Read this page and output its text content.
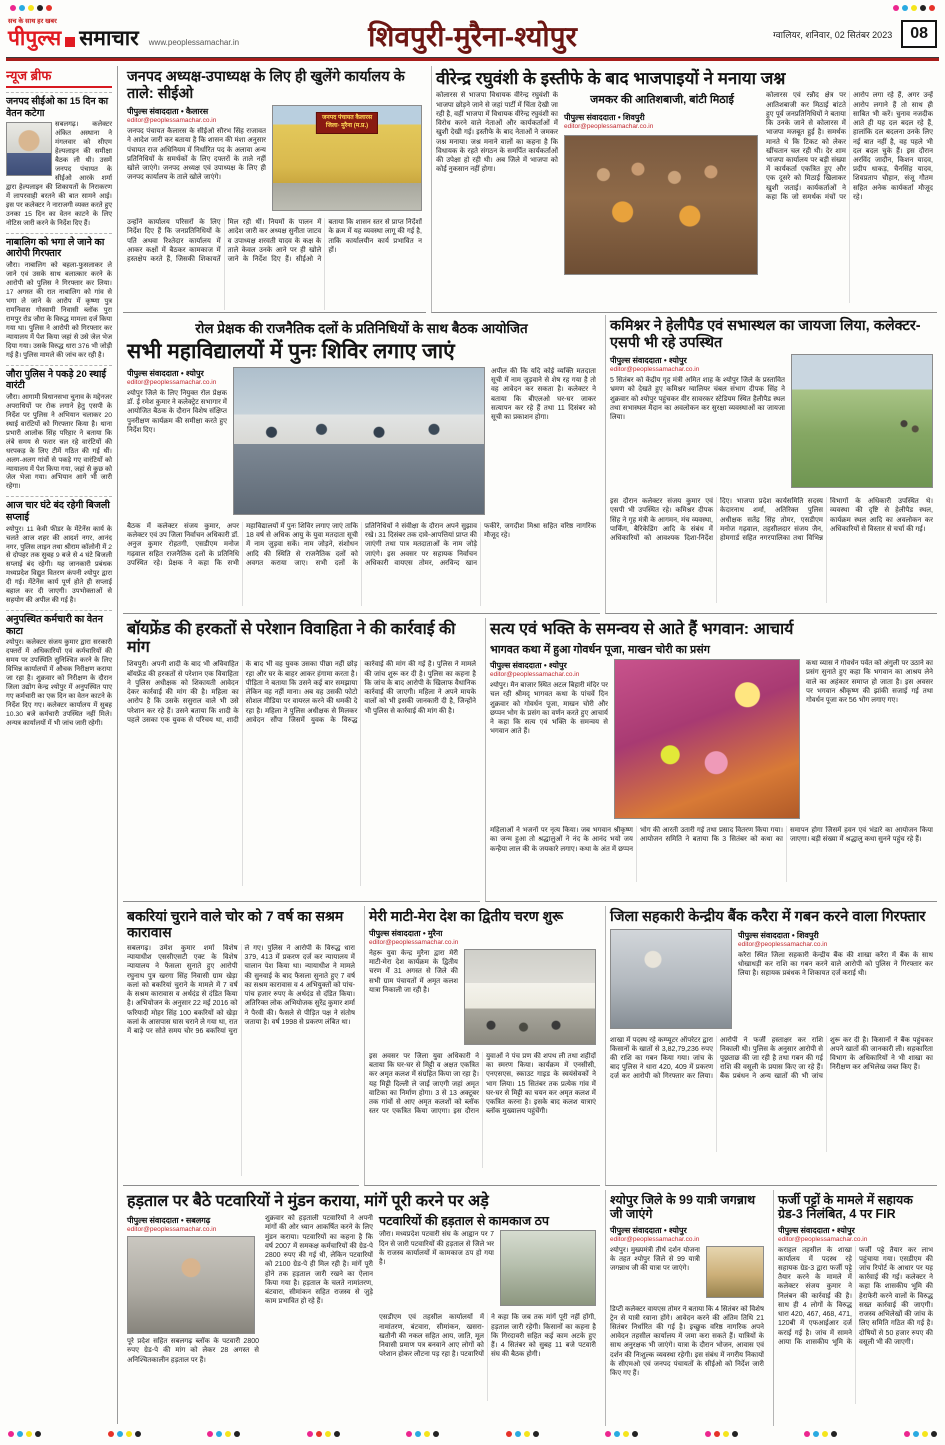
सच के साथ हर खबर
पीपुल्स समाचार www.peoplessamachar.in	शिवपुरी-मुरैना-श्योपुर	ग्वालियर, शनिवार, 02 सितंबर 2023	08
न्यूज ब्रीफ
जनपद सीईओ का 15 दिन का वेतन कटेगा
सबलगढ़। कलेक्टर अंकित अस्थाना ने मंगलवार को सीएम हेल्पलाइन की समीक्षा बैठक ली थी। उसमें जनपद पंचायत के सीईओ आरके शर्मा द्वारा हेल्पलाइन की शिकायतों के निराकरण में लापरवाही बरतने की बात सामने आई। इस पर कलेक्टर ने नाराजगी व्यक्त करते हुए उनका 15 दिन का वेतन काटने के लिए नोटिस जारी करने के निर्देश दिए हैं।
नाबालिग को भगा ले जाने का आरोपी गिरफ्तार
जौरा। नाबालिग को बहला-फुसलाकर ले जाने एवं उसके साथ बलात्कार करने के आरोपी को पुलिस ने गिरफ्तार कर लिया। 17 अगस्त की रात नाबालिग को गांव से भगा ले जाने के आरोप में कृष्णा पुत्र रामनिवास गोस्वामी निवासी ब्लॉक पुरा रामपुर रोड जौरा के विरुद्ध मामला दर्ज किया गया था। पुलिस ने आरोपी को गिरफ्तार कर न्यायालय में पेश किया जहां से उसे जेल भेज दिया गया। उसके विरुद्ध धारा 376 भी जोड़ी गई है। पुलिस मामले की जांच कर रही है।
जौरा पुलिस ने पकड़े 20 स्थाई वारंटी
जौरा। आगामी विधानसभा चुनाव के मद्देनजर अपराधियों पर रोक लगाने हेतु एसपी के निर्देश पर पुलिस ने अभियान चलाकर 20 स्थाई वारंटियों को गिरफ्तार किया है। थाना प्रभारी आलोक सिंह परिहार ने बताया कि लंबे समय से फरार चल रहे वारंटियों की धरपकड़ के लिए टीमें गठित की गई थीं। अलग-अलग गांवों से पकड़े गए वारंटियों को न्यायालय में पेश किया गया, जहां से कुछ को जेल भेजा गया। अभियान आगे भी जारी रहेगा।
आज चार घंटे बंद रहेगी बिजली सप्लाई
श्योपुर। 11 केवी फीडर के मेंटेनेंस कार्य के चलते आज शहर की आदर्श नगर, आनंद नगर, पुलिस लाइन तथा श्रीराम कॉलोनी में 2 से दोपहर तक सुबह 9 बजे से 4 घंटे बिजली सप्लाई बंद रहेगी। यह जानकारी प्रबंधक मध्यप्रदेश विद्युत वितरण कंपनी श्योपुर द्वारा दी गई। मेंटेनेंस कार्य पूर्ण होते ही सप्लाई बहाल कर दी जाएगी। उपभोक्ताओं से सहयोग की अपील की गई है।
अनुपस्थित कर्मचारी का वेतन काटा
श्योपुर। कलेक्टर संजय कुमार द्वारा सरकारी दफ्तरों में अधिकारियों एवं कर्मचारियों की समय पर उपस्थिति सुनिश्चित करने के लिए विभिन्न कार्यालयों में औचक निरीक्षण कराया जा रहा है। शुक्रवार को निरीक्षण के दौरान जिला उद्योग केन्द्र श्योपुर में अनुपस्थित पाए गए कर्मचारी का एक दिन का वेतन काटने के निर्देश दिए गए। कलेक्टर कार्यालय में सुबह 10.30 बजे कर्मचारी उपस्थित नहीं मिले। अन्यत्र कार्यालयों में भी जांच जारी रहेगी।
जनपद अध्यक्ष-उपाध्यक्ष के लिए ही खुलेंगे कार्यालय के ताले: सीईओ
पीपुल्स संवाददाता • कैलारस
editor@peoplessamachar.co.in
जनपद पंचायत कैलारस के सीईओ सौरभ सिंह राजावत ने आदेश जारी कर बताया है कि शासन की मंशा अनुसार पंचायत राज अधिनियम में निर्धारित पद के अलावा अन्य प्रतिनिधियों के समर्थकों के लिए दफ्तरों के ताले नहीं खोले जाएंगे। जनपद अध्यक्ष एवं उपाध्यक्ष के लिए ही जनपद कार्यालय के ताले खोले जाएंगे।
जनपद पंचायत कैलारस
जिला- मुरैना (म.प्र.)
उन्होंने कार्यालय परिसरों के लिए निर्देश दिए हैं कि जनप्रतिनिधियों के पति अथवा रिश्तेदार कार्यालय में आकर कक्षों में बैठकर कामकाज में हस्तक्षेप करते हैं, जिसकी शिकायतें मिल रही थीं। नियमों के पालन में आदेश जारी कर अध्यक्ष सुनीता जाटव व उपाध्यक्ष शरवती यादव के कक्ष के ताले केवल उनके आने पर ही खोले जाने के निर्देश दिए हैं। सीईओ ने बताया कि शासन स्तर से प्राप्त निर्देशों के क्रम में यह व्यवस्था लागू की गई है, ताकि कार्यालयीन कार्य प्रभावित न हों।
वीरेन्द्र रघुवंशी के इस्तीफे के बाद भाजपाइयों ने मनाया जश्न
कोलारस से भाजपा विधायक वीरेन्द्र रघुवंशी के भाजपा छोड़ने जाने से जहां पार्टी में चिंता देखी जा रही है, वहीं भाजपा में विधायक वीरेन्द्र रघुवंशी का विरोध करने वाले नेताओं और कार्यकर्ताओं में खुशी देखी गई। इस्तीफे के बाद नेताओं ने जमकर जश्न मनाया। जश्न मनाने वालों का कहना है कि विधायक के रहते संगठन के समर्पित कार्यकर्ताओं की उपेक्षा हो रही थी। अब जिले में भाजपा को कोई नुकसान नहीं होगा।
जमकर की आतिशबाजी, बांटी मिठाई
पीपुल्स संवाददाता • शिवपुरी
editor@peoplessamachar.co.in
कोलारस एवं रन्नौद क्षेत्र पर आतिशबाजी कर मिठाई बांटते हुए पूर्व जनप्रतिनिधियों ने बताया कि उनके जाने से कोलारस में भाजपा मजबूत हुई है। समर्थक मानते थे कि टिकट को लेकर खींचतान चल रही थी। देर शाम भाजपा कार्यालय पर बड़ी संख्या में कार्यकर्ता एकत्रित हुए और एक दूसरे को मिठाई खिलाकर खुशी जताई। कार्यकर्ताओं ने कहा कि जो समर्थक मंचों पर आरोप लगा रहे हैं, अगर उन्हें आरोप लगाने हैं तो साथ ही साबित भी करें। चुनाव नजदीक आते ही यह दल बदल रहे हैं, हालांकि दल बदलना उनके लिए नई बात नहीं है, वह पहले भी दल बदल चुके हैं। इस दौरान अरविंद जादौन, किशन यादव, प्रदीप धाकड़, चैनसिंह यादव, शिवप्रताप चौहान, संजू गौतम सहित अनेक कार्यकर्ता मौजूद रहे।
रोल प्रेक्षक की राजनैतिक दलों के प्रतिनिधियों के साथ बैठक आयोजित
सभी महाविद्यालयों में पुनः शिविर लगाए जाएं
पीपुल्स संवाददाता • श्योपुर
editor@peoplessamachar.co.in
श्योपुर जिले के लिए नियुक्त रोल प्रेक्षक डॉ. ई रमेश कुमार ने कलेक्ट्रेट सभागार में आयोजित बैठक के दौरान विशेष संक्षिप्त पुनरीक्षण कार्यक्रम की समीक्षा करते हुए निर्देश दिए।
अपील की कि यदि कोई व्यक्ति मतदाता सूची में नाम जुड़वाने से शेष रह गया है तो वह आवेदन कर सकता है। कलेक्टर ने बताया कि बीएलओ घर-घर जाकर सत्यापन कर रहे हैं तथा 11 दिसंबर को सूची का प्रकाशन होगा।
बैठक में कलेक्टर संजय कुमार, अपर कलेक्टर एवं उप जिला निर्वाचन अधिकारी डॉ. अनुज कुमार रोहतगी, एसडीएम मनोज गढ़वाल सहित राजनैतिक दलों के प्रतिनिधि उपस्थित रहे। प्रेक्षक ने कहा कि सभी महाविद्यालयों में पुनः शिविर लगाए जाएं ताकि 18 वर्ष से अधिक आयु के युवा मतदाता सूची में नाम जुड़वा सकें। नाम जोड़ने, संशोधन आदि की स्थिति से राजनैतिक दलों को अवगत कराया जाए। सभी दलों के प्रतिनिधियों ने संवीक्षा के दौरान अपने सुझाव रखे। 31 दिसंबर तक दावे-आपत्तियां प्राप्त की जाएंगी तथा पात्र मतदाताओं के नाम जोड़े जाएंगे। इस अवसर पर सहायक निर्वाचन अधिकारी वायएस तोमर, अरविन्द खान फकीरे, जगदीश मिश्रा सहित वरिष्ठ नागरिक मौजूद रहे।
कमिश्नर ने हेलीपैड एवं सभास्थल का जायजा लिया, कलेक्टर-एसपी भी रहे उपस्थित
पीपुल्स संवाददाता • श्योपुर
editor@peoplessamachar.co.in
5 सितंबर को केंद्रीय गृह मंत्री अमित शाह के श्योपुर जिले के प्रस्तावित भ्रमण को देखते हुए कमिश्नर ग्वालियर चंबल संभाग दीपक सिंह ने शुक्रवार को श्योपुर पहुंचकर वीर सावरकर स्टेडियम स्थित हैलीपैड स्थल तथा सभास्थल मैदान का अवलोकन कर सुरक्षा व्यवस्थाओं का जायजा लिया।
इस दौरान कलेक्टर संजय कुमार एवं एसपी भी उपस्थित रहे। कमिश्नर दीपक सिंह ने गृह मंत्री के आगमन, मंच व्यवस्था, पार्किंग, बैरिकेडिंग आदि के संबंध में अधिकारियों को आवश्यक दिशा-निर्देश दिए। भाजपा प्रदेश कार्यसमिति सदस्य केदारनाथ शर्मा, अतिरिक्त पुलिस अधीक्षक सतेंद्र सिंह तोमर, एसडीएम मनोज गढ़वाल, तहसीलदार संजय जैन, होमगार्ड सहित नगरपालिका तथा विभिन्न विभागों के अधिकारी उपस्थित थे। व्यवस्था की दृष्टि से हेलीपैड स्थल, कार्यक्रम स्थल आदि का अवलोकन कर अधिकारियों से विस्तार से चर्चा की गई।
बॉयफ्रेंड की हरकतों से परेशान विवाहिता ने की कार्रवाई की मांग
शिवपुरी। अपनी शादी के बाद भी अविवाहित बॉयफ्रेंड की हरकतों से परेशान एक विवाहिता ने पुलिस अधीक्षक को शिकायती आवेदन देकर कार्रवाई की मांग की है। महिला का आरोप है कि उसके ससुराल वाले भी उसे परेशान कर रहे हैं। उसने बताया कि शादी के पहले उसका एक युवक से परिचय था, शादी के बाद भी वह युवक उसका पीछा नहीं छोड़ रहा और घर के बाहर आकर हंगामा करता है। पीड़िता ने बताया कि उसने कई बार समझाया लेकिन वह नहीं माना। अब वह उसकी फोटो सोशल मीडिया पर वायरल करने की धमकी दे रहा है। महिला ने पुलिस अधीक्षक से मिलकर आवेदन सौंपा जिसमें युवक के विरुद्ध कार्रवाई की मांग की गई है। पुलिस ने मामले की जांच शुरू कर दी है। पुलिस का कहना है कि जांच के बाद आरोपी के खिलाफ वैधानिक कार्रवाई की जाएगी। महिला ने अपने मायके वालों को भी इसकी जानकारी दी है, जिन्होंने भी पुलिस से कार्रवाई की मांग की है।
सत्य एवं भक्ति के समन्वय से आते हैं भगवान: आचार्य
भागवत कथा में हुआ गोवर्धन पूजा, माखन चोरी का प्रसंग
पीपुल्स संवाददाता • श्योपुर
editor@peoplessamachar.co.in
श्योपुर। मैन बाजार स्थित अटल बिहारी मंदिर पर चल रही श्रीमद् भागवत कथा के पांचवें दिन शुक्रवार को गोवर्धन पूजा, माखन चोरी और छप्पन भोग के प्रसंग का वर्णन करते हुए आचार्य ने कहा कि सत्य एवं भक्ति के समन्वय से भगवान आते हैं।
कथा व्यास ने गोवर्धन पर्वत को अंगुली पर उठाने का प्रसंग सुनाते हुए कहा कि भगवान का आश्रय लेने वाले का अहंकार समाप्त हो जाता है। इस अवसर पर भगवान श्रीकृष्ण की झांकी सजाई गई तथा गोवर्धन पूजा कर 56 भोग लगाए गए।
महिलाओं ने भजनों पर नृत्य किया। जब भगवान श्रीकृष्ण का जन्म हुआ तो श्रद्धालुओं ने नंद के आनंद भयो जय कन्हैया लाल की के जयकारे लगाए। कथा के अंत में छप्पन भोग की आरती उतारी गई तथा प्रसाद वितरण किया गया। आयोजन समिति ने बताया कि 3 सितंबर को कथा का समापन होगा जिसमें हवन एवं भंडारे का आयोजन किया जाएगा। बड़ी संख्या में श्रद्धालु कथा सुनने पहुंच रहे हैं।
बकरियां चुराने वाले चोर को 7 वर्ष का सश्रम कारावास
सबलगढ़। उमेश कुमार शर्मा विशेष न्यायाधीश एससीएसटी एक्ट के विशेष न्यायालय ने फैसला सुनाते हुए आरोपी रघुनाथ पुत्र खरगा सिंह निवासी ग्राम खेड़ा कलां को बकरियां चुराने के मामले में 7 वर्ष के सश्रम कारावास व अर्थदंड से दंडित किया है। अभियोजन के अनुसार 22 मई 2016 को फरियादी मोहर सिंह 100 बकरियों को खेड़ा कलां के आसपास घास चराने ले गया था, रात में बाड़े पर सोते समय चोर 96 बकरियां चुरा ले गए। पुलिस ने आरोपी के विरुद्ध धारा 379, 413 में प्रकरण दर्ज कर न्यायालय में चालान पेश किया था। न्यायाधीश ने मामले की सुनवाई के बाद फैसला सुनाते हुए 7 वर्ष का सश्रम कारावास व 4 अभियुक्तों को पांच-पांच हजार रुपए के अर्थदंड से दंडित किया। अतिरिक्त लोक अभियोजक सुरेंद्र कुमार शर्मा ने पैरवी की। फैसले से पीड़ित पक्ष ने संतोष जताया है। वर्ष 1998 से प्रकरण लंबित था।
मेरी माटी-मेरा देश का द्वितीय चरण शुरू
पीपुल्स संवाददाता • मुरैना
editor@peoplessamachar.co.in
नेहरू युवा केन्द्र मुरैना द्वारा मेरी माटी-मेरा देश कार्यक्रम के द्वितीय चरण में 31 अगस्त से जिले की सभी ग्राम पंचायतों में अमृत कलश यात्रा निकाली जा रही है।
इस अवसर पर जिला युवा अधिकारी ने बताया कि घर-घर से मिट्टी व अक्षत एकत्रित कर अमृत कलश में संग्रहित किया जा रहा है। यह मिट्टी दिल्ली ले जाई जाएगी जहां अमृत वाटिका का निर्माण होगा। 3 से 13 अक्टूबर तक गांवों से आए अमृत कलशों को ब्लॉक स्तर पर एकत्रित किया जाएगा। इस दौरान युवाओं ने पंच प्रण की शपथ ली तथा शहीदों का स्मरण किया। कार्यक्रम में एनसीसी, एनएसएस, स्काउट गाइड के स्वयंसेवकों ने भाग लिया। 15 सितंबर तक प्रत्येक गांव में घर-घर से मिट्टी का चयन कर अमृत कलश में एकत्रित करना है। इसके बाद कलश यात्राएं ब्लॉक मुख्यालय पहुंचेंगी।
जिला सहकारी केन्द्रीय बैंक करैरा में गबन करने वाला गिरफ्तार
पीपुल्स संवाददाता • शिवपुरी
editor@peoplessamachar.co.in
करैरा स्थित जिला सहकारी केन्द्रीय बैंक की शाखा करैरा में बैंक के साथ धोखाधड़ी कर राशि का गबन करने वाले आरोपी को पुलिस ने गिरफ्तार कर लिया है। सहायक प्रबंधक ने शिकायत दर्ज कराई थी।
शाखा में पदस्थ रहे कम्प्यूटर ऑपरेटर द्वारा किसानों के खातों से 3,82,79,236 रुपए की राशि का गबन किया गया। जांच के बाद पुलिस ने धारा 420, 409 में प्रकरण दर्ज कर आरोपी को गिरफ्तार कर लिया। आरोपी ने फर्जी हस्ताक्षर कर राशि निकाली थी। पुलिस के अनुसार आरोपी से पूछताछ की जा रही है तथा गबन की गई राशि की वसूली के प्रयास किए जा रहे हैं। बैंक प्रबंधन ने अन्य खातों की भी जांच शुरू कर दी है। किसानों ने बैंक पहुंचकर अपने खातों की जानकारी ली। सहकारिता विभाग के अधिकारियों ने भी शाखा का निरीक्षण कर अभिलेख जब्त किए हैं।
हड़ताल पर बैठे पटवारियों ने मुंडन कराया, मांगें पूरी करने पर अड़े
पीपुल्स संवाददाता • सबलगढ़
editor@peoplessamachar.co.in
पूरे प्रदेश सहित सबलगढ़ ब्लॉक के पटवारी 2800 रुपए ग्रेड-पे की मांग को लेकर 28 अगस्त से अनिश्चितकालीन हड़ताल पर हैं।
शुक्रवार को हड़ताली पटवारियों ने अपनी मांगों की ओर ध्यान आकर्षित करने के लिए मुंडन कराया। पटवारियों का कहना है कि वर्ष 2007 में समकक्ष कर्मचारियों की ग्रेड-पे 2800 रुपए की गई थी, लेकिन पटवारियों को 2100 ग्रेड-पे ही मिल रही है। मांगें पूरी होने तक हड़ताल जारी रखने का ऐलान किया गया है। हड़ताल के चलते नामांतरण, बंटवारा, सीमांकन सहित राजस्व से जुड़े काम प्रभावित हो रहे हैं।
पटवारियों की हड़ताल से कामकाज ठप
जौरा। मध्यप्रदेश पटवारी संघ के आह्वान पर 7 दिन से जारी पटवारियों की हड़ताल से जिले भर के राजस्व कार्यालयों में कामकाज ठप हो गया है।
एसडीएम एवं तहसील कार्यालयों में नामांतरण, बंटवारा, सीमांकन, खसरा-खतौनी की नकल सहित आय, जाति, मूल निवासी प्रमाण पत्र बनवाने आए लोगों को परेशान होकर लौटना पड़ रहा है। पटवारियों ने कहा कि जब तक मांगें पूरी नहीं होंगी, हड़ताल जारी रहेगी। किसानों का कहना है कि गिरदावरी सहित कई काम अटके हुए हैं। 4 सितंबर को सुबह 11 बजे पटवारी संघ की बैठक होगी।
श्योपुर जिले के 99 यात्री जगन्नाथ जी जाएंगे
पीपुल्स संवाददाता • श्योपुर
editor@peoplessamachar.co.in
श्योपुर। मुख्यमंत्री तीर्थ दर्शन योजना के तहत श्योपुर जिले से 99 यात्री जगन्नाथ जी की यात्रा पर जाएंगे।
डिप्टी कलेक्टर वायएस तोमर ने बताया कि 4 सितंबर को विशेष ट्रेन से यात्री रवाना होंगे। आवेदन करने की अंतिम तिथि 21 सितंबर निर्धारित की गई है। इच्छुक वरिष्ठ नागरिक अपने आवेदन तहसील कार्यालय में जमा करा सकते हैं। यात्रियों के साथ अनुरक्षक भी जाएंगे। यात्रा के दौरान भोजन, आवास एवं दर्शन की निःशुल्क व्यवस्था रहेगी। इस संबंध में नगरीय निकायों के सीएमओ एवं जनपद पंचायतों के सीईओ को निर्देश जारी किए गए हैं।
फर्जी पट्टों के मामले में सहायक ग्रेड-3 निलंबित, 4 पर FIR
पीपुल्स संवाददाता • श्योपुर
editor@peoplessamachar.co.in
कराहल तहसील के शाखा कार्यालय में पदस्थ रहे सहायक ग्रेड-3 द्वारा फर्जी पट्टे तैयार करने के मामले में कलेक्टर संजय कुमार ने निलंबन की कार्रवाई की है। साथ ही 4 लोगों के विरुद्ध धारा 420, 467, 468, 471, 120बी में एफआईआर दर्ज कराई गई है। जांच में सामने आया कि शासकीय भूमि के फर्जी पट्टे तैयार कर लाभ पहुंचाया गया। एसडीएम की जांच रिपोर्ट के आधार पर यह कार्रवाई की गई। कलेक्टर ने कहा कि शासकीय भूमि की हेराफेरी करने वालों के विरुद्ध सख्त कार्रवाई की जाएगी। राजस्व अभिलेखों की जांच के लिए समिति गठित की गई है। दोषियों से 50 हजार रुपए की वसूली भी की जाएगी।
